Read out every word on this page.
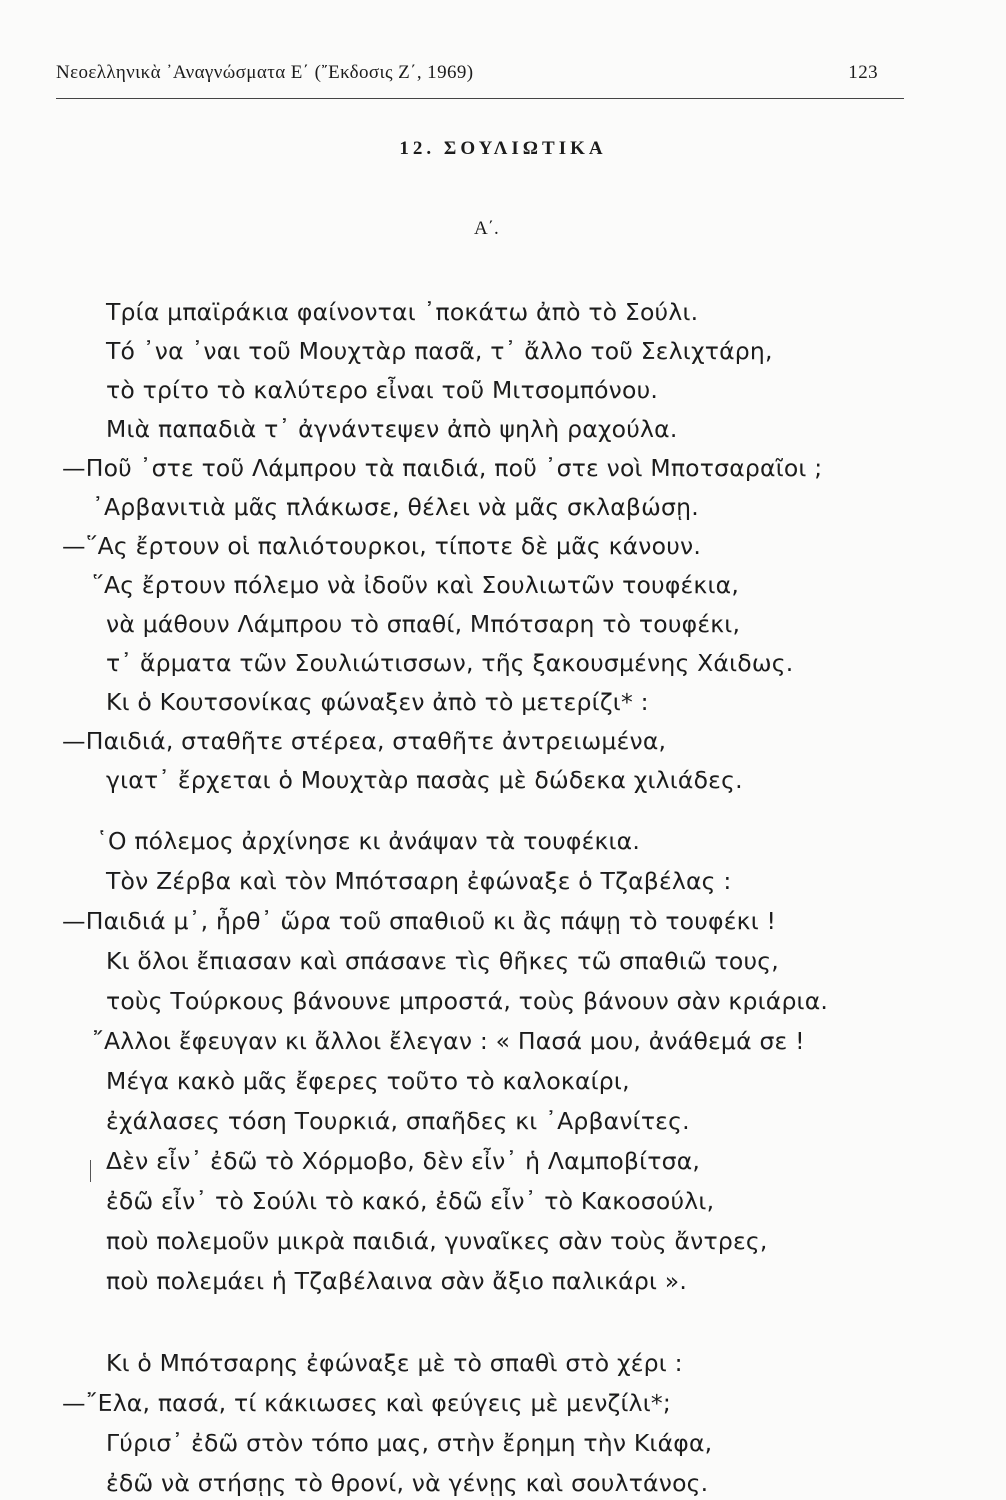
Νεοελληνικὰ ᾿Αναγνώσματα Ε΄ (῎Εκδοσις Ζ΄, 1969)	123
12. ΣΟΥΛΙΩΤΙΚΑ
Α΄.
Τρία μπαϊράκια φαίνονται ᾿ποκάτω ἀπὸ τὸ Σούλι.
Τό ᾿να ᾿ναι τοῦ Μουχτὰρ πασᾶ, τ᾿ ἄλλο τοῦ Σελιχτάρη,
τὸ τρίτο τὸ καλύτερο εἶναι τοῦ Μιτσομπόνου.
Μιὰ παπαδιὰ τ᾿ ἀγνάντεψεν ἀπὸ ψηλὴ ραχούλα.
—Ποῦ ᾿στε τοῦ Λάμπρου τὰ παιδιά, ποῦ ᾿στε νοὶ Μποτσαραῖοι ;
᾿Αρβανιτιὰ μᾶς πλάκωσε, θέλει νὰ μᾶς σκλαβώσῃ.
—῞Ας ἔρτουν οἱ παλιότουρκοι, τίποτε δὲ μᾶς κάνουν.
῞Ας ἔρτουν πόλεμο νὰ ἰδοῦν καὶ Σουλιωτῶν τουφέκια,
νὰ μάθουν Λάμπρου τὸ σπαθί, Μπότσαρη τὸ τουφέκι,
τ᾿ ἅρματα τῶν Σουλιώτισσων, τῆς ξακουσμένης Χάιδως.
Κι ὁ Κουτσονίκας φώναξεν ἀπὸ τὸ μετερίζι* :
—Παιδιά, σταθῆτε στέρεα, σταθῆτε ἀντρειωμένα,
γιατ᾿ ἔρχεται ὁ Μουχτὰρ πασὰς μὲ δώδεκα χιλιάδες.
῾Ο πόλεμος ἀρχίνησε κι ἀνάψαν τὰ τουφέκια.
Τὸν Ζέρβα καὶ τὸν Μπότσαρη ἐφώναξε ὁ Τζαβέλας :
—Παιδιά μ᾿, ἦρθ᾿ ὥρα τοῦ σπαθιοῦ κι ἂς πάψῃ τὸ τουφέκι !
Κι ὅλοι ἔπιασαν καὶ σπάσανε τὶς θῆκες τῶ σπαθιῶ τους,
τοὺς Τούρκους βάνουνε μπροστά, τοὺς βάνουν σὰν κριάρια.
῎Αλλοι ἔφευγαν κι ἄλλοι ἔλεγαν : « Πασά μου, ἀνάθεμά σε !
Μέγα κακὸ μᾶς ἔφερες τοῦτο τὸ καλοκαίρι,
ἐχάλασες τόση Τουρκιά, σπαῆδες κι ᾿Αρβανίτες.
Δὲν εἶν᾿ ἐδῶ τὸ Χόρμοβο, δὲν εἶν᾿ ἡ Λαμποβίτσα,
ἐδῶ εἶν᾿ τὸ Σούλι τὸ κακό, ἐδῶ εἶν᾿ τὸ Κακοσούλι,
ποὺ πολεμοῦν μικρὰ παιδιά, γυναῖκες σὰν τοὺς ἄντρες,
ποὺ πολεμάει ἡ Τζαβέλαινα σὰν ἄξιο παλικάρι ».
Κι ὁ Μπότσαρης ἐφώναξε μὲ τὸ σπαθὶ στὸ χέρι :
—῎Ελα, πασά, τί κάκιωσες καὶ φεύγεις μὲ μενζίλι*;
Γύρισ᾿ ἐδῶ στὸν τόπο μας, στὴν ἔρημη τὴν Κιάφα,
ἐδῶ νὰ στήσῃς τὸ θρονί, νὰ γένῃς καὶ σουλτάνος.
